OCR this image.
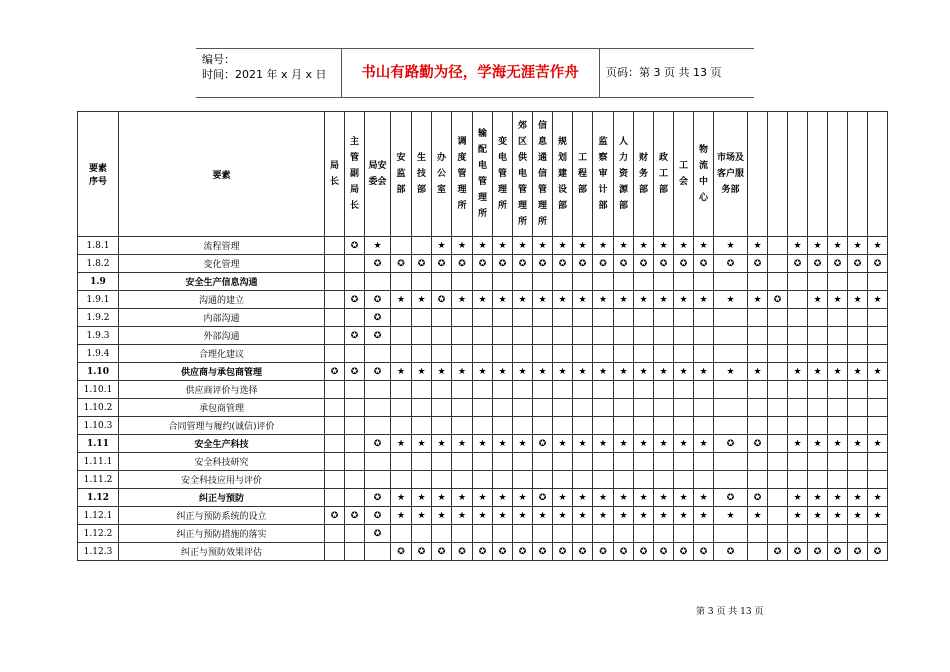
编号：
时间：2021 年 x 月 x 日	书山有路勤为径，学海无涯苦作舟	页码：第 3 页 共 13 页
要素
序号	要素	局长	主管副局长	局安委会	安监部	生技部	办公室	调度管理所	输配电管理所	变电管理所	郊区供电管理所	信息通信管理所	规划建设部	工程部	监察审计部	人力资源部	财务部	政工部	工会	物流中心	市场及客户服务部							
1.8.1	流程管理		✪	★			★	★	★	★	★	★	★	★	★	★	★	★	★	★	★	★		★	★	★	★	★
1.8.2	变化管理			✪	✪	✪	✪	✪	✪	✪	✪	✪	✪	✪	✪	✪	✪	✪	✪	✪	✪	✪		✪	✪	✪	✪	✪
1.9	安全生产信息沟通																											
1.9.1	沟通的建立		✪	✪	★	★	✪	★	★	★	★	★	★	★	★	★	★	★	★	★	★	★	✪		★	★	★	★
1.9.2	内部沟通			✪																								
1.9.3	外部沟通		✪	✪																								
1.9.4	合理化建议																											
1.10	供应商与承包商管理	✪	✪	✪	★	★	★	★	★	★	★	★	★	★	★	★	★	★	★	★	★	★		★	★	★	★	★
1.10.1	供应商评价与选择																											
1.10.2	承包商管理																											
1.10.3	合同管理与履约(诚信)评价																											
1.11	安全生产科技			✪	★	★	★	★	★	★	★	✪	★	★	★	★	★	★	★	★	✪	✪		★	★	★	★	★
1.11.1	安全科技研究																											
1.11.2	安全科技应用与评价																											
1.12	纠正与预防			✪	★	★	★	★	★	★	★	✪	★	★	★	★	★	★	★	★	✪	✪		★	★	★	★	★
1.12.1	纠正与预防系统的设立	✪	✪	✪	★	★	★	★	★	★	★	★	★	★	★	★	★	★	★	★	★	★		★	★	★	★	★
1.12.2	纠正与预防措施的落实			✪																								
1.12.3	纠正与预防效果评估				✪	✪	✪	✪	✪	✪	✪	✪	✪	✪	✪	✪	✪	✪	✪	✪	✪		✪	✪	✪	✪	✪	✪
第 3 页 共 13 页
